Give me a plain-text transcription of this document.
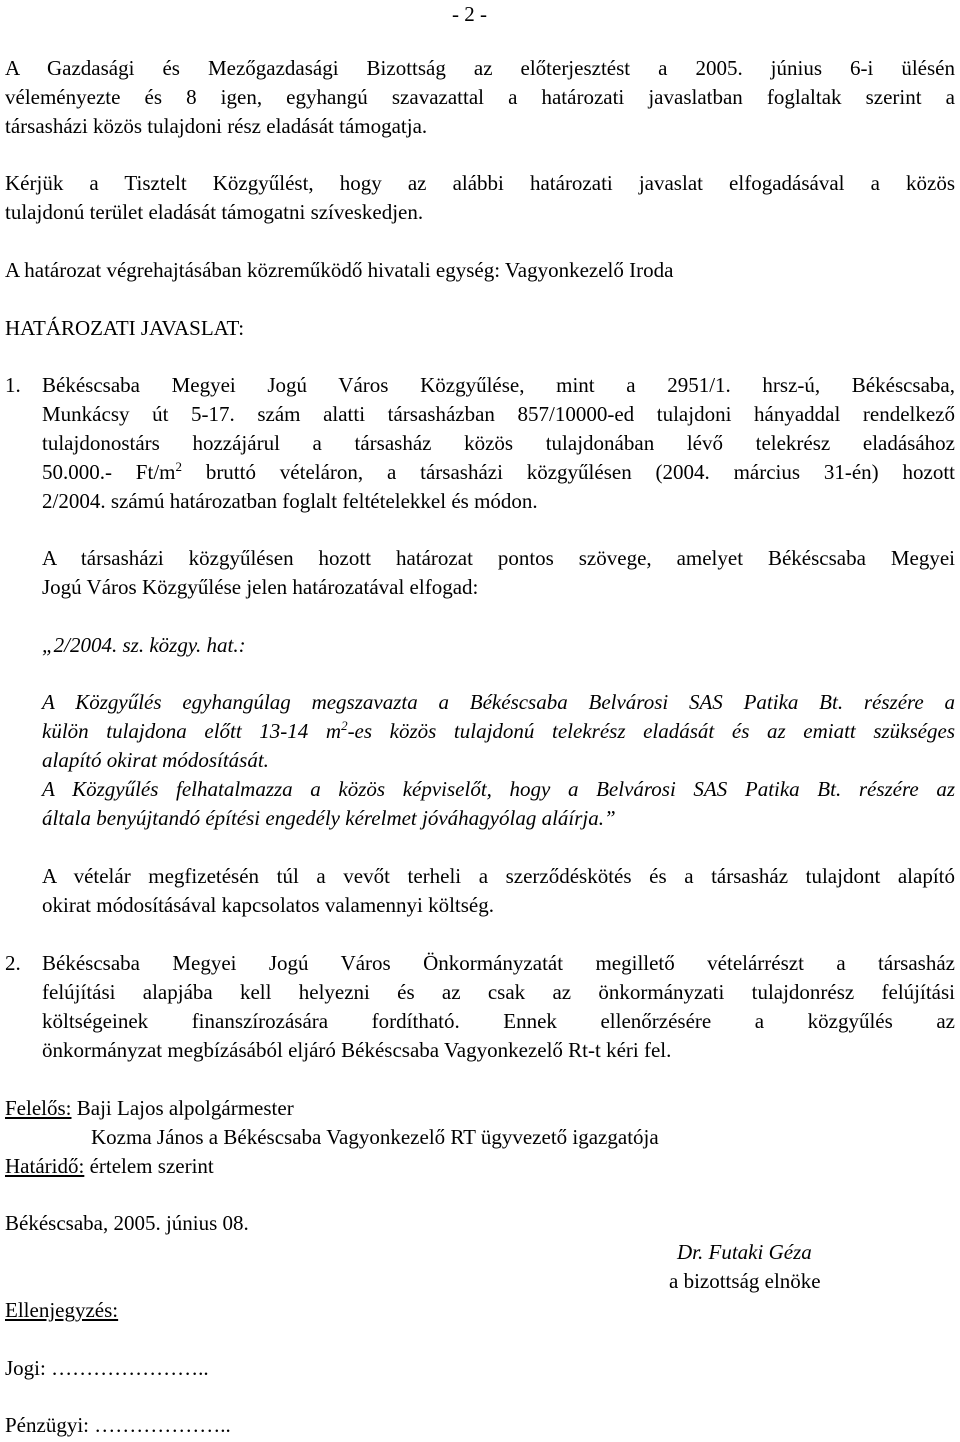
- 2 -
A Gazdasági és Mezőgazdasági Bizottság az előterjesztést a 2005. június 6-i ülésén
véleményezte és 8 igen, egyhangú szavazattal a határozati javaslatban foglaltak szerint a
társasházi közös tulajdoni rész eladását támogatja.
Kérjük a Tisztelt Közgyűlést, hogy az alábbi határozati javaslat elfogadásával a közös
tulajdonú terület eladását támogatni szíveskedjen.
A határozat végrehajtásában közreműködő hivatali egység: Vagyonkezelő Iroda
HATÁROZATI JAVASLAT:
1. Békéscsaba Megyei Jogú Város Közgyűlése, mint a 2951/1. hrsz-ú, Békéscsaba,
Munkácsy út 5-17. szám alatti társasházban 857/10000-ed tulajdoni hányaddal rendelkező
tulajdonostárs hozzájárul a társasház közös tulajdonában lévő telekrész eladásához
50.000.- $Ft/m^2$ bruttó vételáron, a társasházi közgyűlésen (2004. március 31-én) hozott
2/2004. számú határozatban foglalt feltételekkel és módon.
A társasházi közgyűlésen hozott határozat pontos szövege, amelyet Békéscsaba Megyei
Jogú Város Közgyűlése jelen határozatával elfogad:
„2/2004. sz. közgy. hat.:
A Közgyűlés egyhangúlag megszavazta a Békéscsaba Belvárosi SAS Patika Bt. részére a
külön tulajdona előtt 13-14 $m^2-es$ közös tulajdonú telekrész eladását és az emiatt szükséges
alapító okirat módosítását.
A Közgyűlés felhatalmazza a közös képviselőt, hogy a Belvárosi SAS Patika Bt. részére az
általa benyújtandó építési engedély kérelmet jóváhagyólag aláírja.”
A vételár megfizetésén túl a vevőt terheli a szerződéskötés és a társasház tulajdont alapító
okirat módosításával kapcsolatos valamennyi költség.
2. Békéscsaba Megyei Jogú Város Önkormányzatát megillető vételárrészt a társasház
felújítási alapjába kell helyezni és az csak az önkormányzati tulajdonrész felújítási
költségeinek finanszírozására fordítható. Ennek ellenőrzésére a közgyűlés az
önkormányzat megbízásából eljáró Békéscsaba Vagyonkezelő Rt-t kéri fel.
Felelős: Baji Lajos alpolgármester
Kozma János a Békéscsaba Vagyonkezelő RT ügyvezető igazgatója
Határidő: értelem szerint
Békéscsaba, 2005. június 08.
Dr. Futaki Géza
a bizottság elnöke
Ellenjegyzés:
Jogi: …………………..
Pénzügyi: ………………..
